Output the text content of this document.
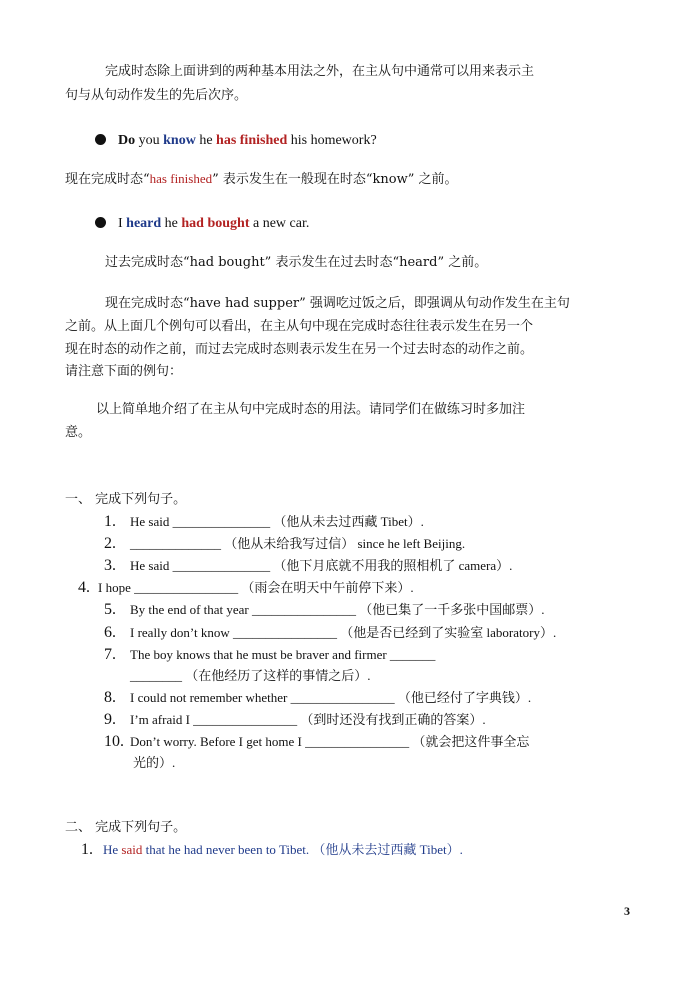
完成时态除上面讲到的两种基本用法之外，在主从句中通常可以用来表示主
句与从句动作发生的先后次序。
Do you know he has finished his homework?
现在完成时态“has finished” 表示发生在一般现在时态“know” 之前。
I heard he had bought a new car.
过去完成时态“had bought” 表示发生在过去时态“heard” 之前。
现在完成时态“have had supper” 强调吃过饭之后，即强调从句动作发生在主句
之前。从上面几个例句可以看出，在主从句中现在完成时态往往表示发生在另一个
现在时态的动作之前，而过去完成时态则表示发生在另一个过去时态的动作之前。
请注意下面的例句：
以上简单地介绍了在主从句中完成时态的用法。请同学们在做练习时多加注
意。
一、 完成下列句子。
1. He said _______________ （他从未去过西藏 Tibet）.
2. ______________ （他从未给我写过信） since he left Beijing.
3. He said _______________ （他下月底就不用我的照相机了 camera）.
4. I hope ________________ （雨会在明天中午前停下来）.
5. By the end of that year ________________ （他已集了一千多张中国邮票）.
6. I really don’t know ________________ （他是否已经到了实验室 laboratory）.
7. The boy knows that he must be braver and firmer _______
________ （在他经历了这样的事情之后）.
8. I could not remember whether ________________ （他已经付了字典钱）.
9. I’m afraid I ________________ （到时还没有找到正确的答案）.
10. Don’t worry. Before I get home I ________________ （就会把这件事全忘
光的）.
二、 完成下列句子。
1. He said that he had never been to Tibet. （他从未去过西藏 Tibet）.
3
